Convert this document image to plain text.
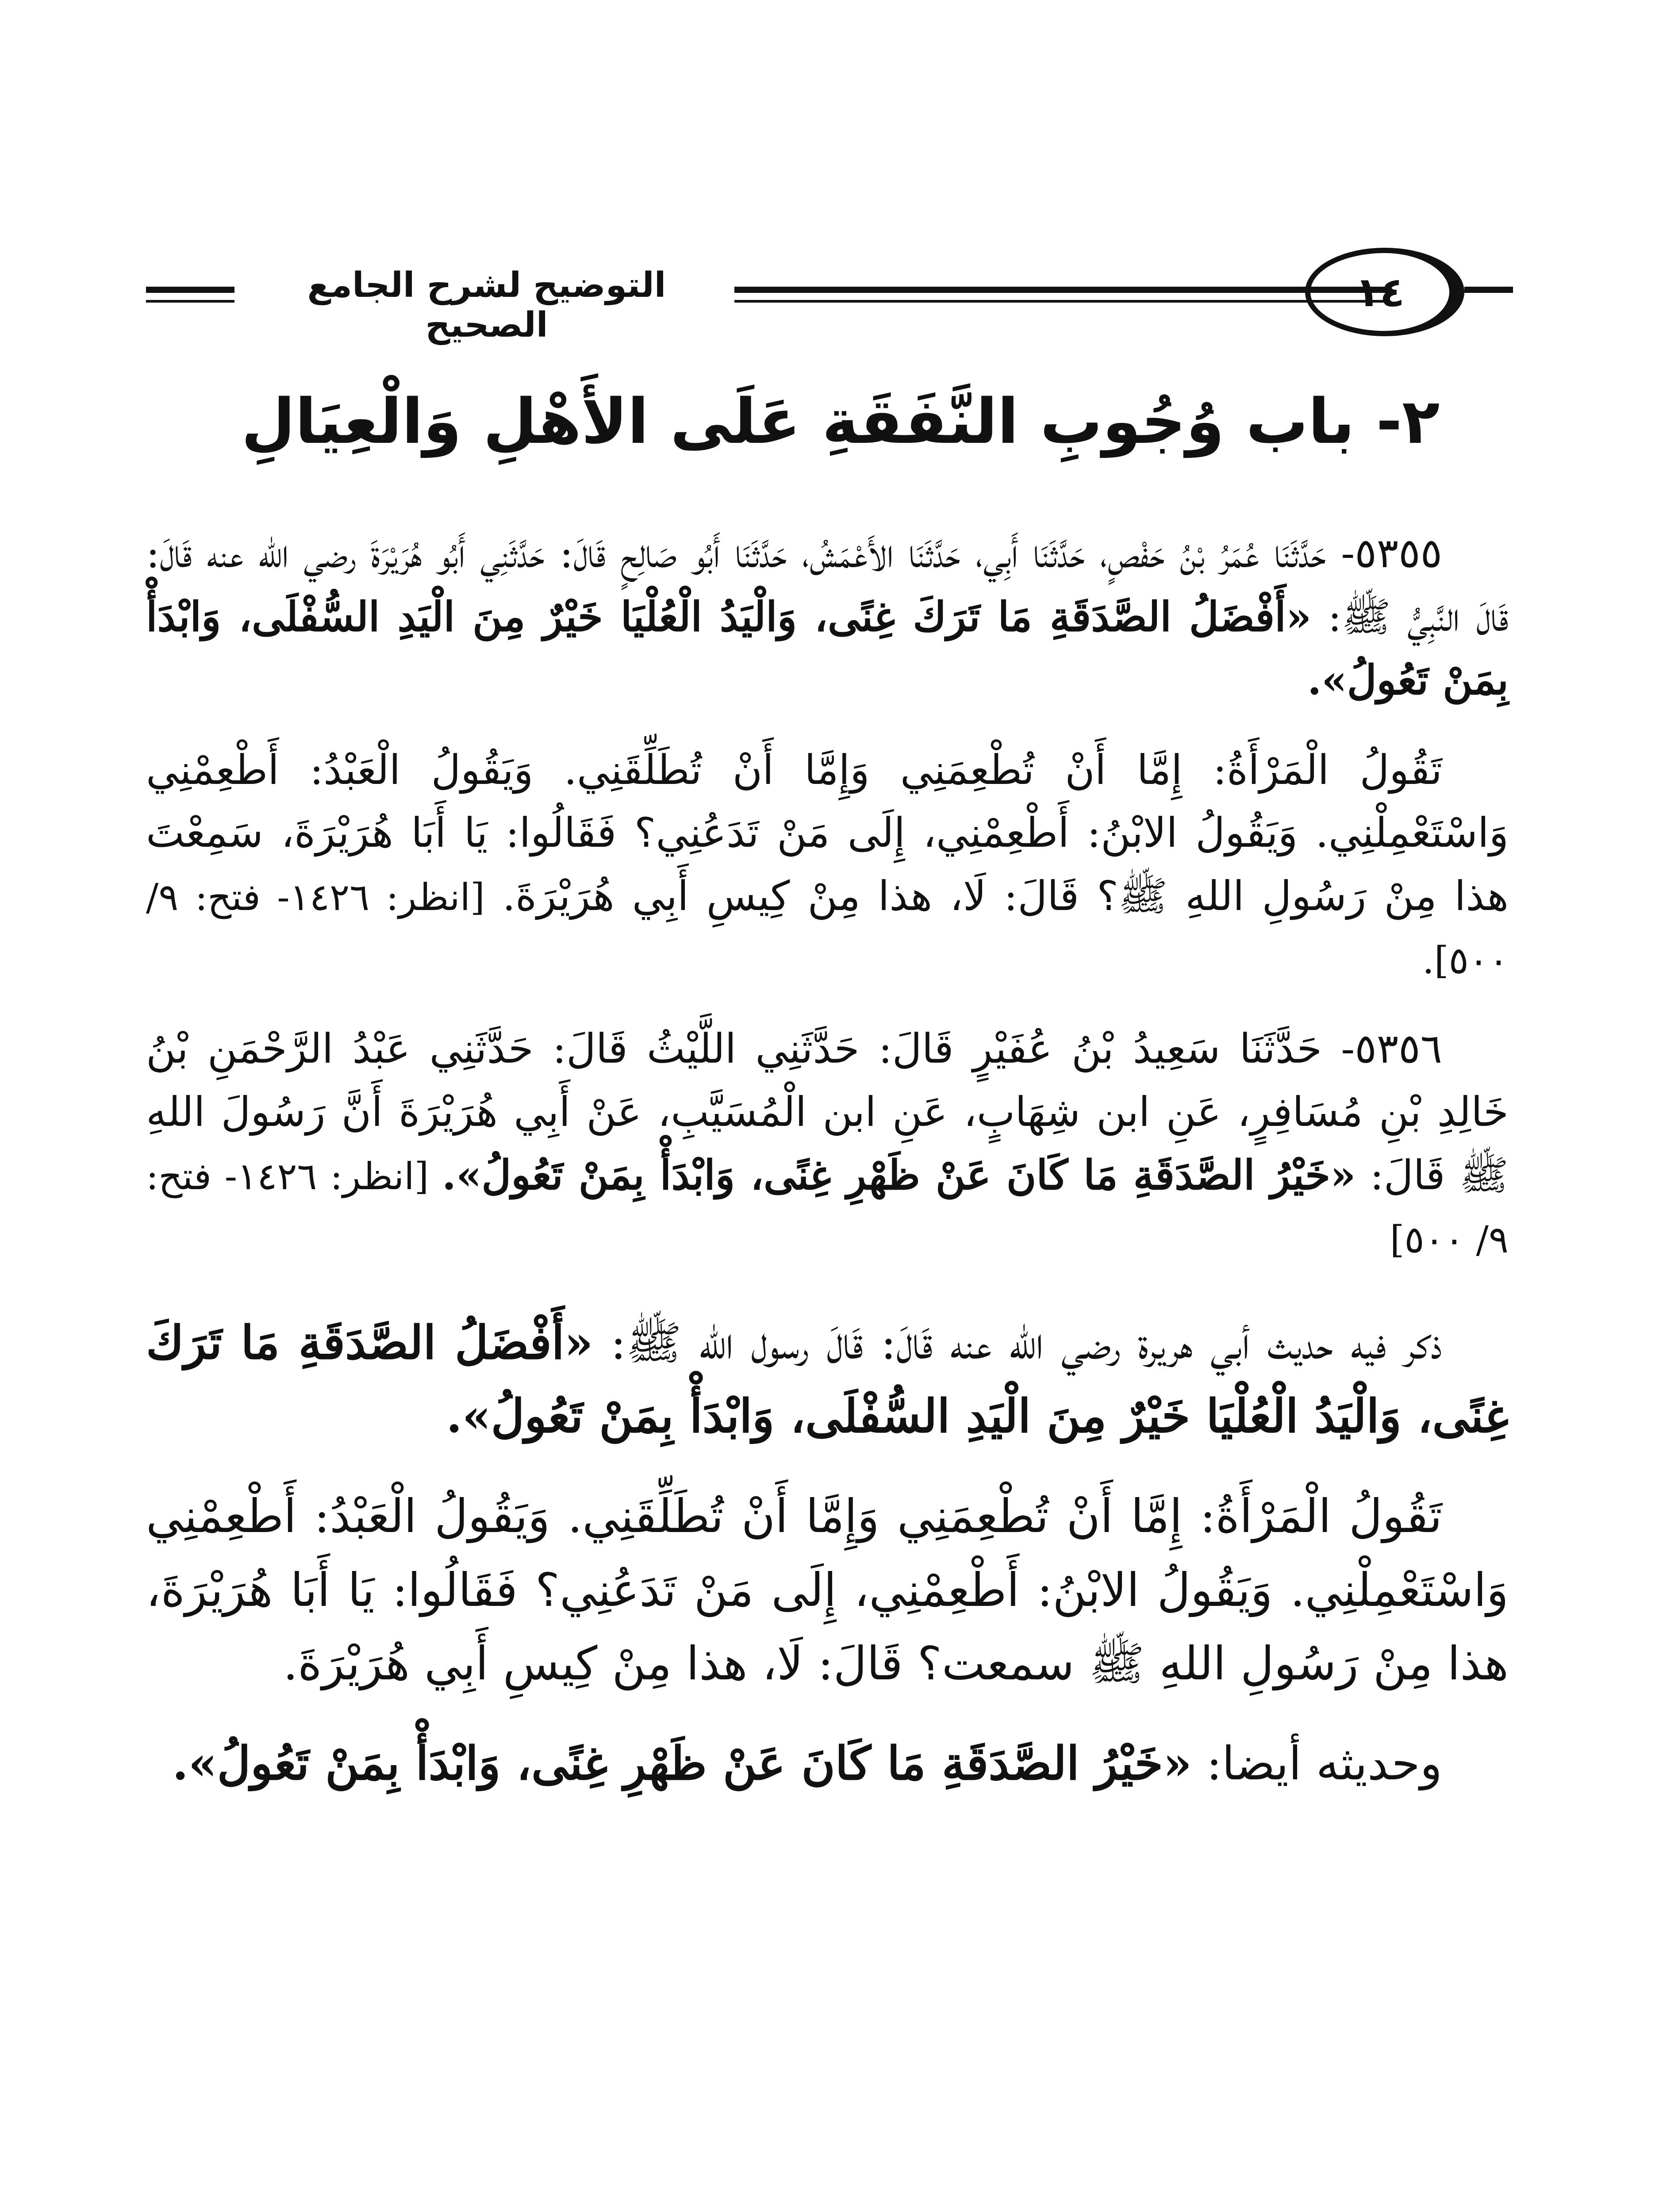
التوضيح لشرح الجامع الصحيح
١٤
٢- باب وُجُوبِ النَّفَقَةِ عَلَى الأَهْلِ وَالْعِيَالِ

٥٣٥٥- حَدَّثَنَا عُمَرُ بْنُ حَفْصٍ، حَدَّثَنَا أَبِي، حَدَّثَنَا الأَعْمَشُ، حَدَّثَنَا أَبُو صَالِحٍ قَالَ: حَدَّثَنِي أَبُو هُرَيْرَةَ رضي الله عنه قَالَ: قَالَ النَّبِيُّ ﷺ: «أَفْضَلُ الصَّدَقَةِ مَا تَرَكَ غِنًى، وَالْيَدُ الْعُلْيَا خَيْرٌ مِنَ الْيَدِ السُّفْلَى، وَابْدَأْ بِمَنْ تَعُولُ».

تَقُولُ الْمَرْأَةُ: إِمَّا أَنْ تُطْعِمَنِي وَإِمَّا أَنْ تُطَلِّقَنِي. وَيَقُولُ الْعَبْدُ: أَطْعِمْنِي وَاسْتَعْمِلْنِي. وَيَقُولُ الابْنُ: أَطْعِمْنِي، إِلَى مَنْ تَدَعُنِي؟ فَقَالُوا: يَا أَبَا هُرَيْرَةَ، سَمِعْتَ هذا مِنْ رَسُولِ اللهِ ﷺ؟ قَالَ: لَا، هذا مِنْ كِيسِ أَبِي هُرَيْرَةَ. [انظر: ١٤٢٦- فتح: ٩/ ٥٠٠].

٥٣٥٦- حَدَّثَنَا سَعِيدُ بْنُ عُفَيْرٍ قَالَ: حَدَّثَنِي اللَّيْثُ قَالَ: حَدَّثَنِي عَبْدُ الرَّحْمَنِ بْنُ خَالِدِ بْنِ مُسَافِرٍ، عَنِ ابن شِهَابٍ، عَنِ ابن الْمُسَيَّبِ، عَنْ أَبِي هُرَيْرَةَ أَنَّ رَسُولَ اللهِ ﷺ قَالَ: «خَيْرُ الصَّدَقَةِ مَا كَانَ عَنْ ظَهْرِ غِنًى، وَابْدَأْ بِمَنْ تَعُولُ». [انظر: ١٤٢٦- فتح: ٩/ ٥٠٠]

ذكر فيه حديث أبي هريرة رضي الله عنه قَالَ: قَالَ رسول الله ﷺ: «أَفْضَلُ الصَّدَقَةِ مَا تَرَكَ غِنًى، وَالْيَدُ الْعُلْيَا خَيْرٌ مِنَ الْيَدِ السُّفْلَى، وَابْدَأْ بِمَنْ تَعُولُ».

تَقُولُ الْمَرْأَةُ: إِمَّا أَنْ تُطْعِمَنِي وَإِمَّا أَنْ تُطَلِّقَنِي. وَيَقُولُ الْعَبْدُ: أَطْعِمْنِي وَاسْتَعْمِلْنِي. وَيَقُولُ الابْنُ: أَطْعِمْنِي، إِلَى مَنْ تَدَعُنِي؟ فَقَالُوا: يَا أَبَا هُرَيْرَةَ، هذا مِنْ رَسُولِ اللهِ ﷺ سمعت؟ قَالَ: لَا، هذا مِنْ كِيسِ أَبِي هُرَيْرَةَ.

وحديثه أيضا: «خَيْرُ الصَّدَقَةِ مَا كَانَ عَنْ ظَهْرِ غِنًى، وَابْدَأْ بِمَنْ تَعُولُ».
